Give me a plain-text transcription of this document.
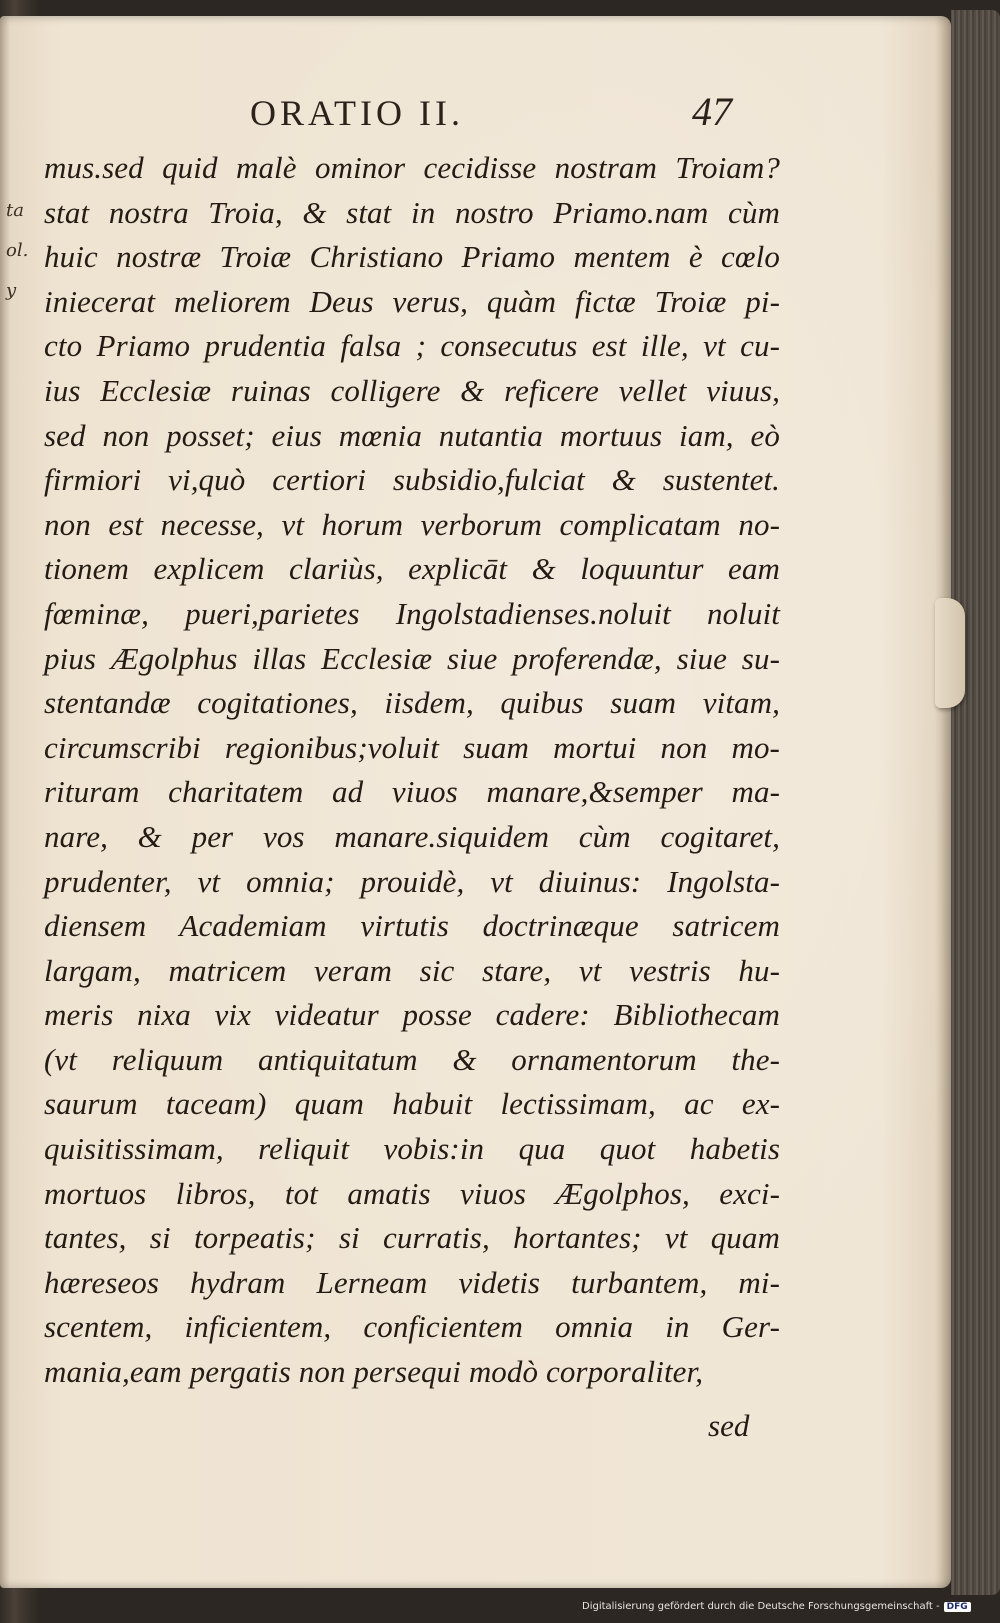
ta
ol.
y
ORATIO II.	47
mus.sed quid malè ominor cecidisse nostram Troiam?
stat nostra Troia, & stat in nostro Priamo.nam cùm
huic nostræ Troiæ Christiano Priamo mentem è cœlo
iniecerat meliorem Deus verus, quàm fictæ Troiæ pi-
cto Priamo prudentia falsa ; consecutus est ille, vt cu-
ius Ecclesiæ ruinas colligere & reficere vellet viuus,
sed non posset; eius mœnia nutantia mortuus iam, eò
firmiori vi,quò certiori subsidio,fulciat & sustentet.
non est necesse, vt horum verborum complicatam no-
tionem explicem clariùs, explicāt & loquuntur eam
fœminæ, pueri,parietes Ingolstadienses.noluit noluit
pius Ægolphus illas Ecclesiæ siue proferendæ, siue su-
stentandæ cogitationes, iisdem, quibus suam vitam,
circumscribi regionibus;voluit suam mortui non mo-
rituram charitatem ad viuos manare,&semper ma-
nare, & per vos manare.siquidem cùm cogitaret,
prudenter, vt omnia; prouidè, vt diuinus: Ingolsta-
diensem Academiam virtutis doctrinæque satricem
largam, matricem veram sic stare, vt vestris hu-
meris nixa vix videatur posse cadere: Bibliothecam
(vt reliquum antiquitatum & ornamentorum the-
saurum taceam) quam habuit lectissimam, ac ex-
quisitissimam, reliquit vobis:in qua quot habetis
mortuos libros, tot amatis viuos Ægolphos, exci-
tantes, si torpeatis; si curratis, hortantes; vt quam
hæreseos hydram Lerneam videtis turbantem, mi-
scentem, inficientem, conficientem omnia in Ger-
mania,eam pergatis non persequi modò corporaliter,
sed
Digitalisierung gefördert durch die Deutsche Forschungsgemeinschaft - DFG
